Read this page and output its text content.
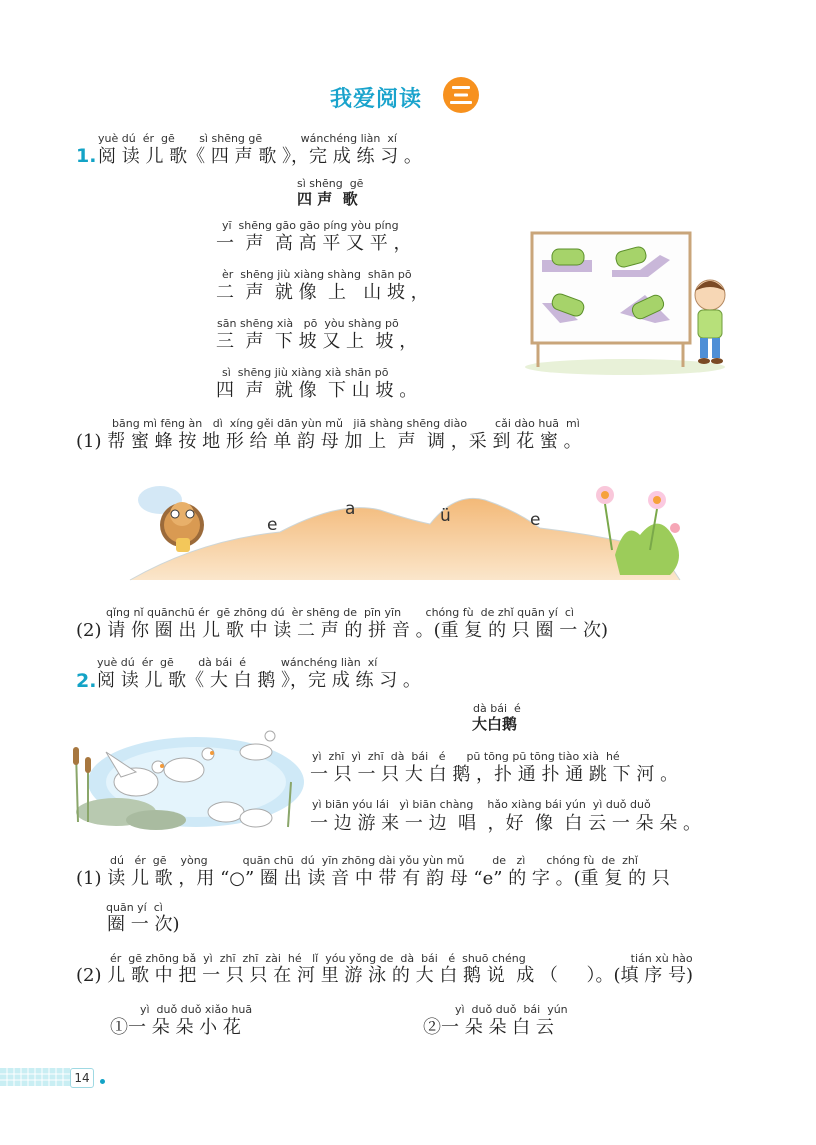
我爱阅读
yuè dú  ér  gē       sì shēng gē           wánchéng liàn  xí
1. 阅 读 儿 歌《 四 声 歌 》，完 成 练 习 。
sì shēng  gē
四 声  歌
yī  shēng gāo gāo píng yòu píng
一  声  高 高 平 又 平 ，
èr  shēng jiù xiàng shàng  shān pō
二  声  就 像  上   山 坡 ，
sān shēng xià   pō  yòu shàng pō
三  声  下 坡 又 上  坡 ，
sì  shēng jiù xiàng xià shān pō
四  声  就 像  下 山 坡 。
bāng mì fēng àn   dì  xíng gěi dān yùn mǔ   jiā shàng shēng diào        cǎi dào huā  mì
(1) 帮 蜜 蜂 按 地 形 给 单 韵 母 加 上  声  调 ，采 到 花 蜜 。
e
a	ü	e
qǐng nǐ quānchū ér  gē zhōng dú  èr shēng de  pīn yīn       chóng fù  de zhǐ quān yí  cì
(2) 请 你 圈 出 儿 歌 中 读 二 声 的 拼 音 。(重 复 的 只 圈 一 次)
yuè dú  ér  gē       dà bái  é          wánchéng liàn  xí
2. 阅 读 儿 歌《 大 白 鹅 》，完 成 练 习 。
dà bái  é
大白鹅
yì  zhī  yì  zhī  dà  bái   é      pū tōng pū tōng tiào xià  hé
一 只 一 只 大 白 鹅 ，扑 通 扑 通 跳 下 河 。
yì biān yóu lái   yì biān chàng    hǎo xiàng bái yún  yì duǒ duǒ
一 边 游 来 一 边  唱  ，好  像  白 云 一 朵 朵 。
dú   ér  gē    yòng          quān chū  dú  yīn zhōng dài yǒu yùn mǔ        de   zì      chóng fù  de  zhǐ
(1) 读 儿 歌 ，用 “○” 圈 出 读 音 中 带 有 韵 母 “e” 的 字 。(重 复 的 只
quān yí  cì
圈 一 次)
ér  gē zhōng bǎ  yì  zhī  zhī  zài  hé   lǐ  yóu yǒng de  dà  bái   é  shuō chéng                              tián xù hào
(2) 儿 歌 中 把 一 只 只 在 河 里 游 泳 的 大 白 鹅 说  成 （     ）。(填 序 号)
yì  duǒ duǒ xiǎo huā
①一 朵 朵 小 花
yì  duǒ duǒ  bái  yún
②一 朵 朵 白 云
14
